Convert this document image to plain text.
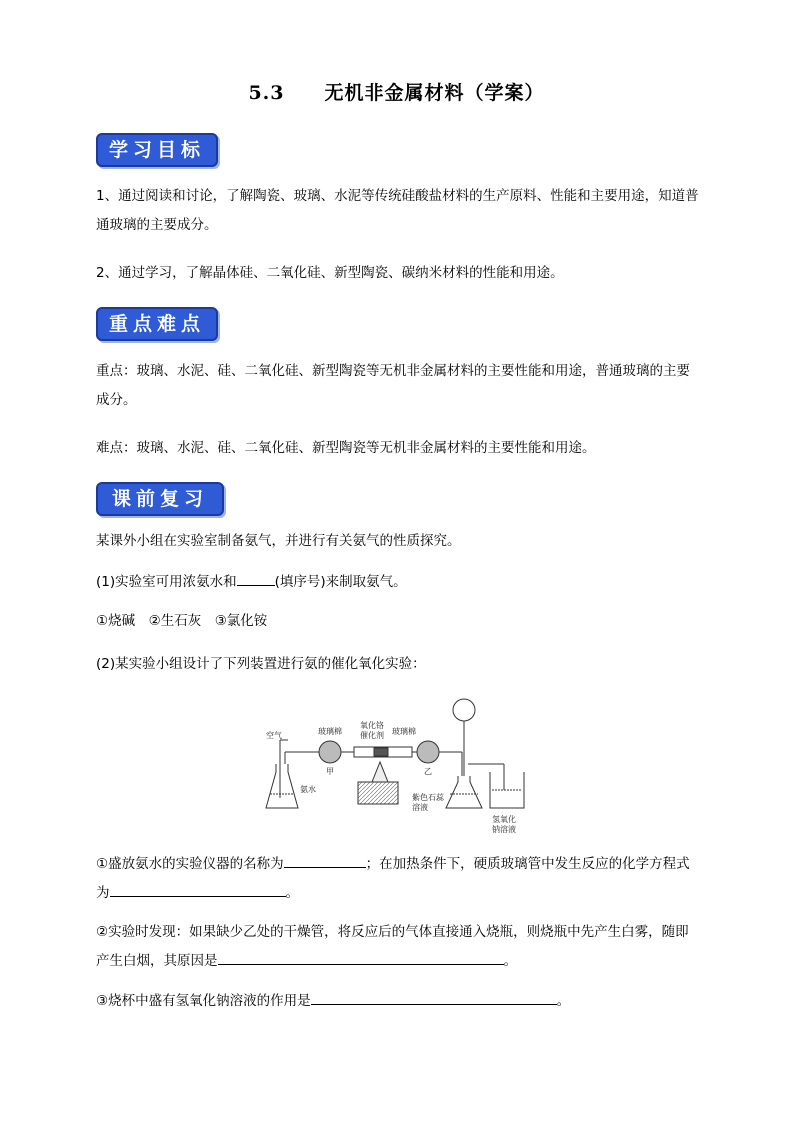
5.3 无机非金属材料（学案）
学习目标
1、通过阅读和讨论，了解陶瓷、玻璃、水泥等传统硅酸盐材料的生产原料、性能和主要用途，知道普通玻璃的主要成分。
2、通过学习，了解晶体硅、二氧化硅、新型陶瓷、碳纳米材料的性能和用途。
重点难点
重点：玻璃、水泥、硅、二氧化硅、新型陶瓷等无机非金属材料的主要性能和用途，普通玻璃的主要成分。
难点：玻璃、水泥、硅、二氧化硅、新型陶瓷等无机非金属材料的主要性能和用途。
课前复习
某课外小组在实验室制备氨气，并进行有关氨气的性质探究。
(1)实验室可用浓氨水和	(填序号)来制取氨气。
①烧碱　②生石灰　③氯化铵
(2)某实验小组设计了下列装置进行氨的催化氧化实验：
空气	玻璃棉
氧化铬
催化剂 玻璃棉
甲	乙
氨水
紫色石蕊
溶液
氢氧化
钠溶液
①盛放氨水的实验仪器的名称为	；在加热条件下，硬质玻璃管中发生反应的化学方程式为	。
②实验时发现：如果缺少乙处的干燥管，将反应后的气体直接通入烧瓶，则烧瓶中先产生白雾，随即产生白烟，其原因是	。
③烧杯中盛有氢氧化钠溶液的作用是	。
